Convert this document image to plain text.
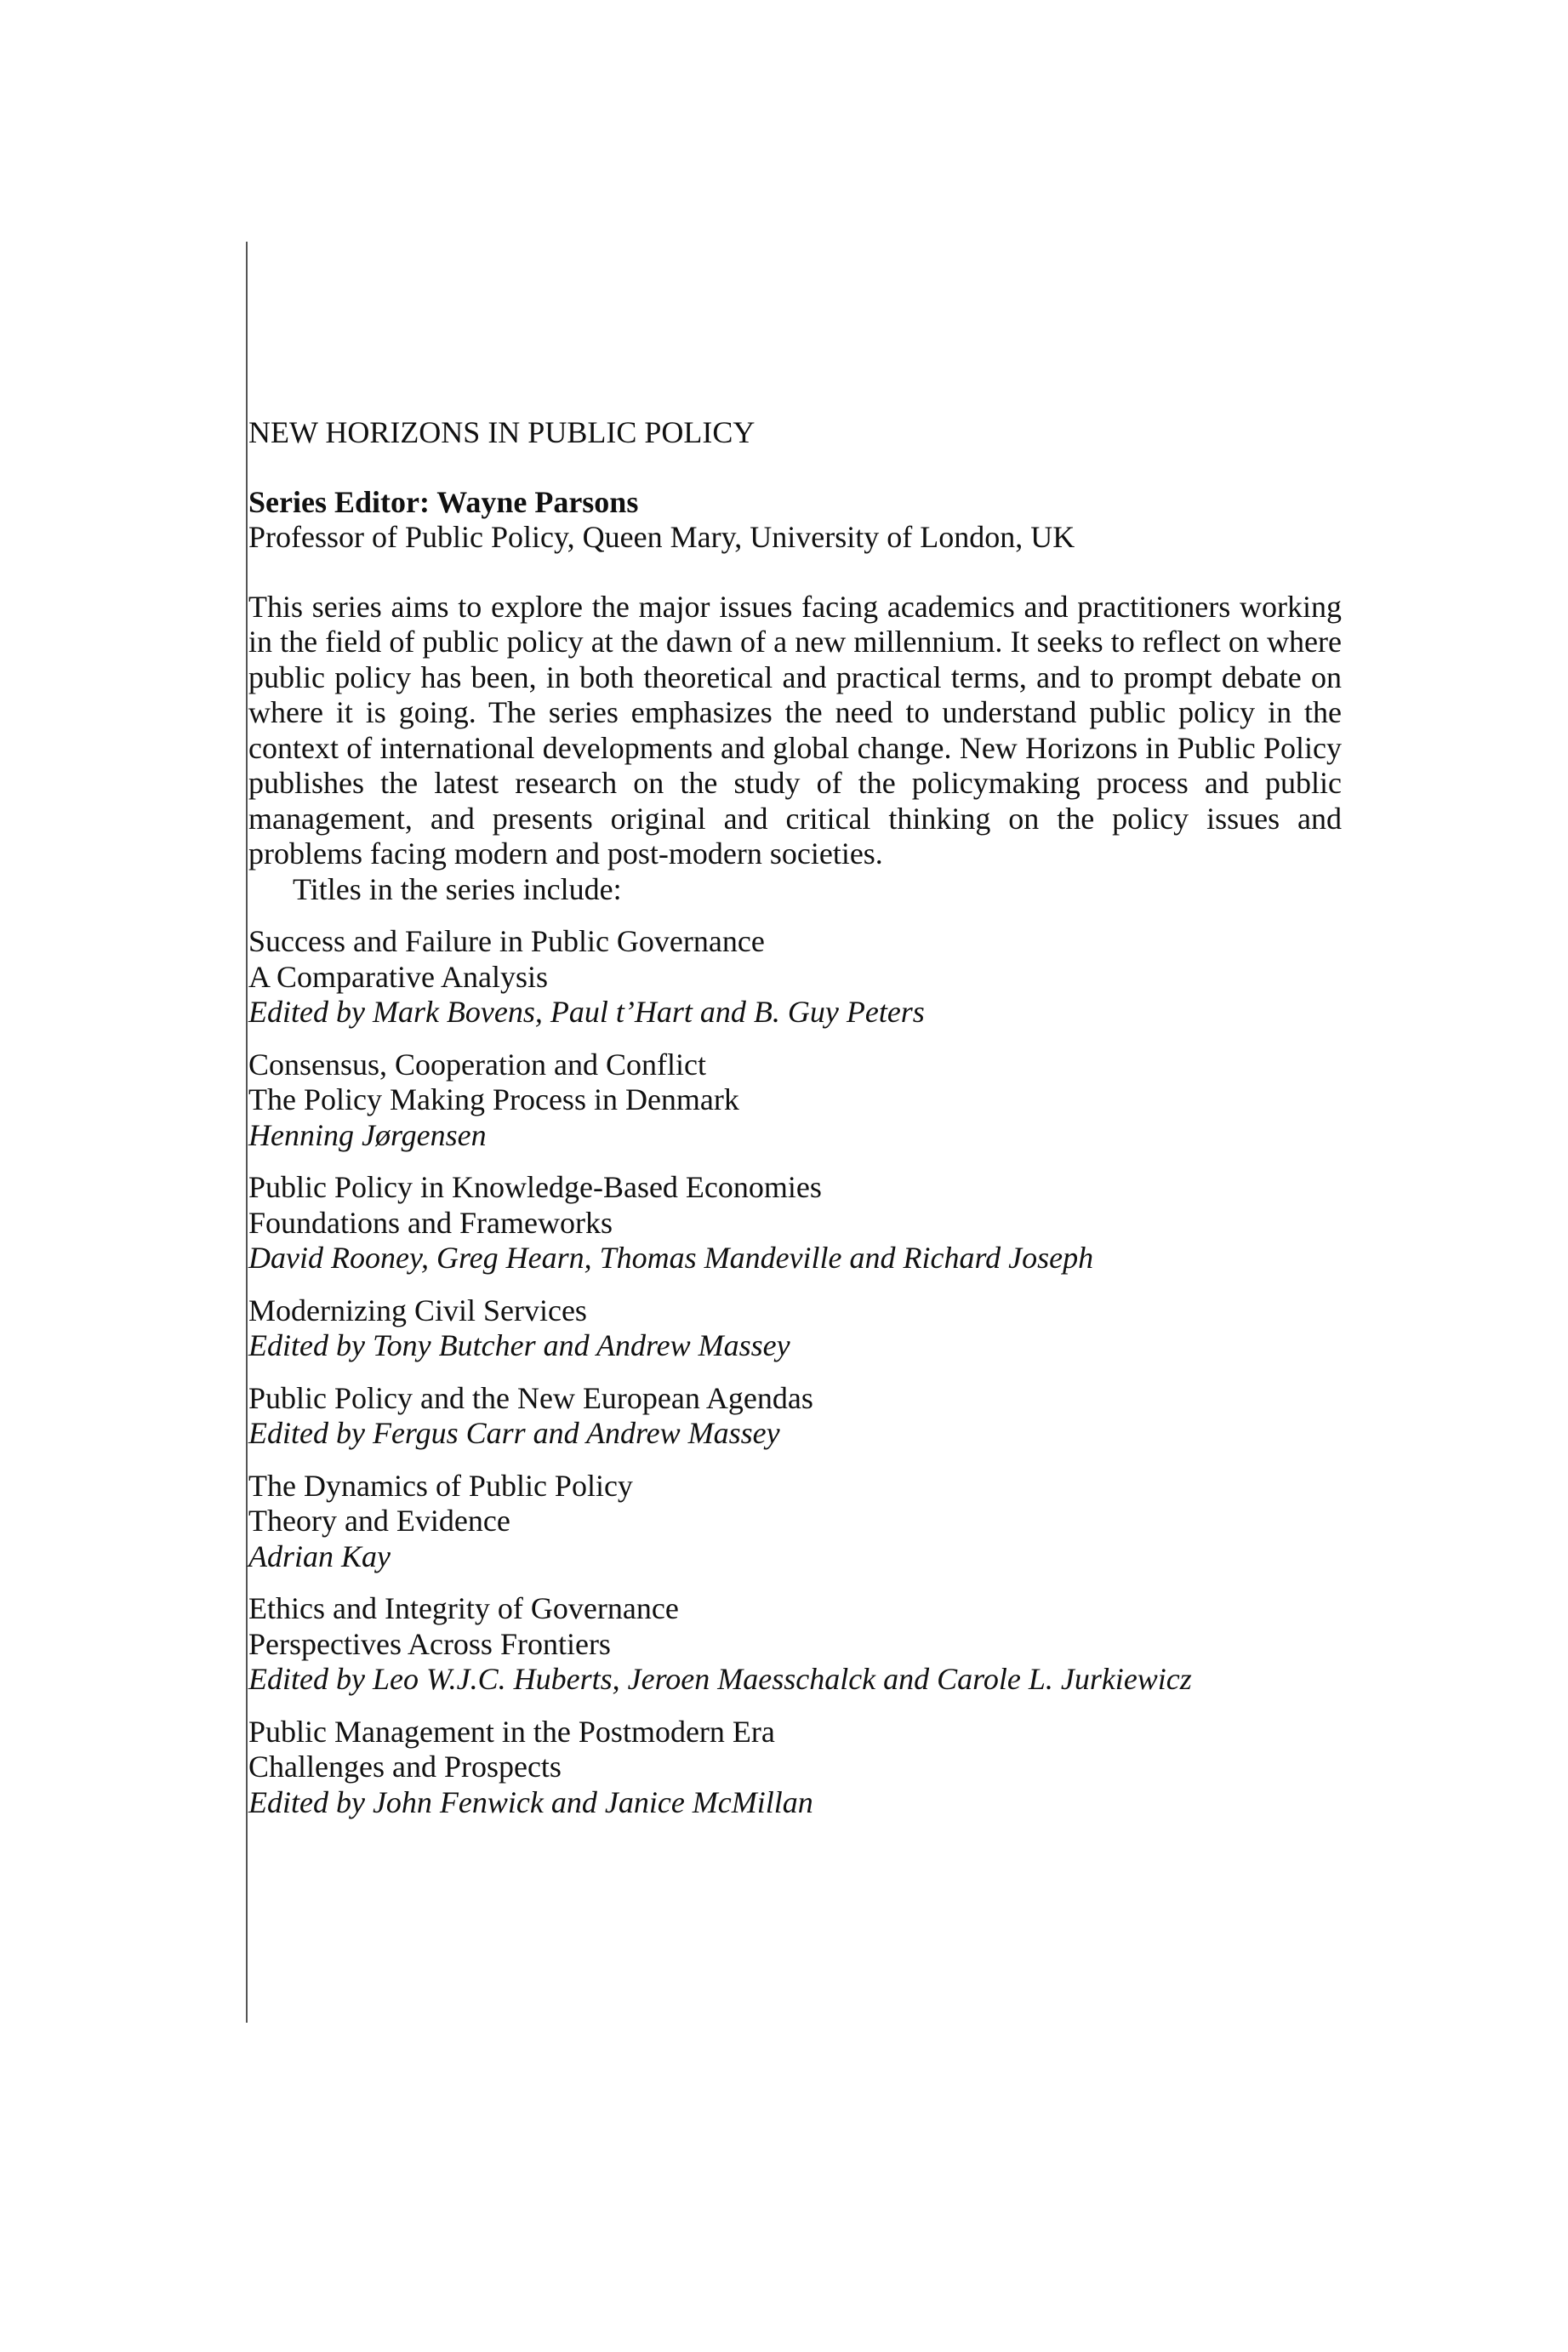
NEW HORIZONS IN PUBLIC POLICY
Series Editor: Wayne Parsons
Professor of Public Policy, Queen Mary, University of London, UK
This series aims to explore the major issues facing academics and practitioners working in the field of public policy at the dawn of a new millennium. It seeks to reflect on where public policy has been, in both theoretical and practical terms, and to prompt debate on where it is going. The series emphasizes the need to understand public policy in the context of international developments and global change. New Horizons in Public Policy publishes the latest research on the study of the policymaking process and public management, and presents original and critical thinking on the policy issues and problems facing modern and post-modern societies.
Titles in the series include:
Success and Failure in Public Governance
A Comparative Analysis
Edited by Mark Bovens, Paul t’Hart and B. Guy Peters
Consensus, Cooperation and Conflict
The Policy Making Process in Denmark
Henning Jørgensen
Public Policy in Knowledge-Based Economies
Foundations and Frameworks
David Rooney, Greg Hearn, Thomas Mandeville and Richard Joseph
Modernizing Civil Services
Edited by Tony Butcher and Andrew Massey
Public Policy and the New European Agendas
Edited by Fergus Carr and Andrew Massey
The Dynamics of Public Policy
Theory and Evidence
Adrian Kay
Ethics and Integrity of Governance
Perspectives Across Frontiers
Edited by Leo W.J.C. Huberts, Jeroen Maesschalck and Carole L. Jurkiewicz
Public Management in the Postmodern Era
Challenges and Prospects
Edited by John Fenwick and Janice McMillan
